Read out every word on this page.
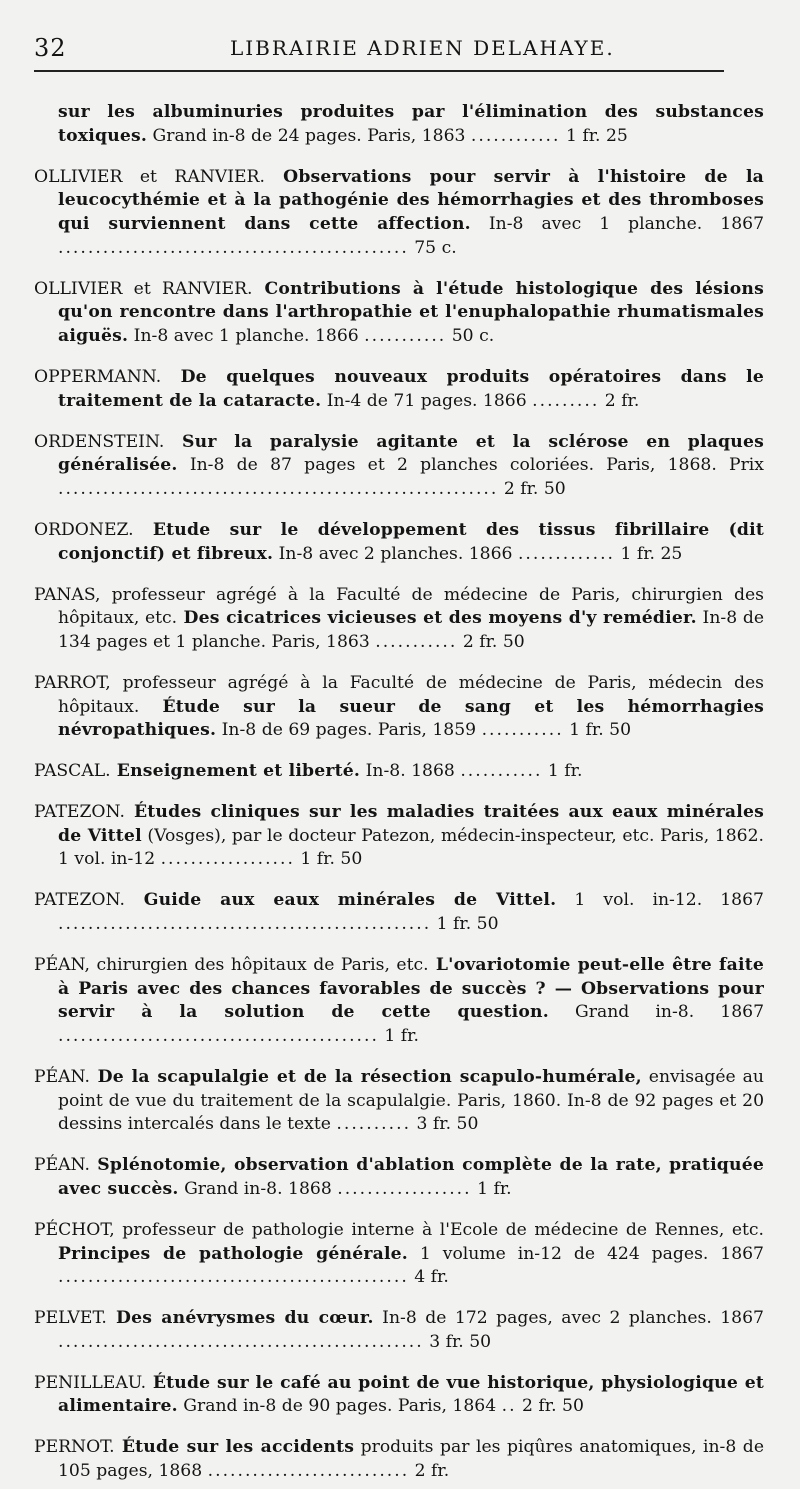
32	LIBRAIRIE ADRIEN DELAHAYE.

sur les albuminuries produites par l'élimination des substances toxiques. Grand in-8 de 24 pages. Paris, 1863 ............ 1 fr. 25

OLLIVIER et RANVIER. Observations pour servir à l'histoire de la leucocythémie et à la pathogénie des hémorrhagies et des thromboses qui surviennent dans cette affection. In-8 avec 1 planche. 1867 ............................................... 75 c.

OLLIVIER et RANVIER. Contributions à l'étude histologique des lésions qu'on rencontre dans l'arthropathie et l'enuphalopathie rhumatismales aiguës. In-8 avec 1 planche. 1866 ........... 50 c.

OPPERMANN. De quelques nouveaux produits opératoires dans le traitement de la cataracte. In-4 de 71 pages. 1866 ......... 2 fr.

ORDENSTEIN. Sur la paralysie agitante et la sclérose en plaques généralisée. In-8 de 87 pages et 2 planches coloriées. Paris, 1868. Prix ........................................................... 2 fr. 50

ORDONEZ. Etude sur le développement des tissus fibrillaire (dit conjonctif) et fibreux. In-8 avec 2 planches. 1866 ............. 1 fr. 25

PANAS, professeur agrégé à la Faculté de médecine de Paris, chirurgien des hôpitaux, etc. Des cicatrices vicieuses et des moyens d'y remédier. In-8 de 134 pages et 1 planche. Paris, 1863 ........... 2 fr. 50

PARROT, professeur agrégé à la Faculté de médecine de Paris, médecin des hôpitaux. Étude sur la sueur de sang et les hémorrhagies névropathiques. In-8 de 69 pages. Paris, 1859 ........... 1 fr. 50

PASCAL. Enseignement et liberté. In-8. 1868 ........... 1 fr.

PATEZON. Études cliniques sur les maladies traitées aux eaux minérales de Vittel (Vosges), par le docteur Patezon, médecin-inspecteur, etc. Paris, 1862. 1 vol. in-12 .................. 1 fr. 50

PATEZON. Guide aux eaux minérales de Vittel. 1 vol. in-12. 1867 .................................................. 1 fr. 50

PÉAN, chirurgien des hôpitaux de Paris, etc. L'ovariotomie peut-elle être faite à Paris avec des chances favorables de succès ? — Observations pour servir à la solution de cette question. Grand in-8. 1867 ........................................... 1 fr.

PÉAN. De la scapulalgie et de la résection scapulo-humérale, envisagée au point de vue du traitement de la scapulalgie. Paris, 1860. In-8 de 92 pages et 20 dessins intercalés dans le texte .......... 3 fr. 50

PÉAN. Splénotomie, observation d'ablation complète de la rate, pratiquée avec succès. Grand in-8. 1868 .................. 1 fr.

PÉCHOT, professeur de pathologie interne à l'Ecole de médecine de Rennes, etc. Principes de pathologie générale. 1 volume in-12 de 424 pages. 1867 ............................................... 4 fr.

PELVET. Des anévrysmes du cœur. In-8 de 172 pages, avec 2 planches. 1867 ................................................. 3 fr. 50

PENILLEAU. Étude sur le café au point de vue historique, physiologique et alimentaire. Grand in-8 de 90 pages. Paris, 1864 .. 2 fr. 50

PERNOT. Étude sur les accidents produits par les piqûres anatomiques, in-8 de 105 pages, 1868 ........................... 2 fr.
